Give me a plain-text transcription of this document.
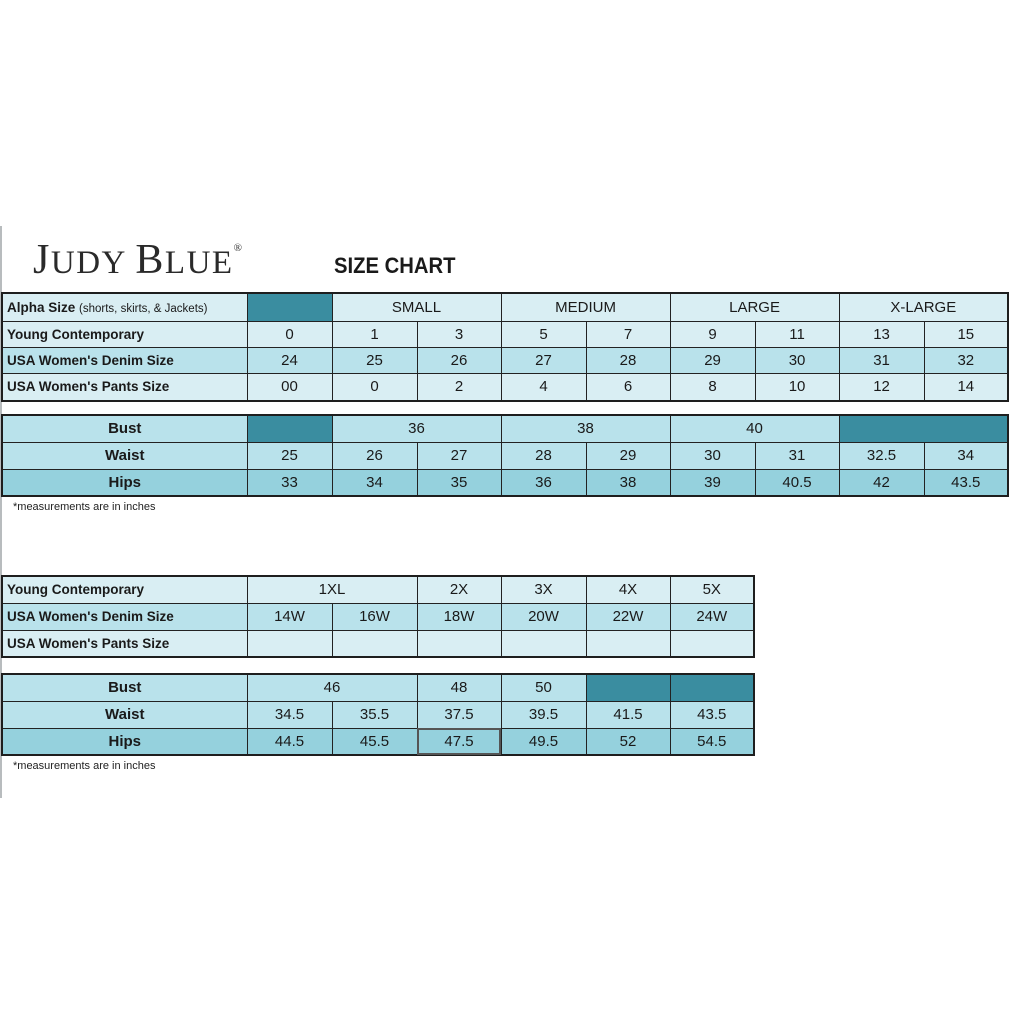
JUDY BLUE®
SIZE CHART
Alpha Size (shorts, skirts, & Jackets)		SMALL		MEDIUM		LARGE		X-LARGE	
Young Contemporary	0	1	3	5	7	9	11	13	15
USA Women's Denim Size	24	25	26	27	28	29	30	31	32
USA Women's Pants Size	00	0	2	4	6	8	10	12	14
Bust		36		38		40			
Waist	25	26	27	28	29	30	31	32.5	34
Hips	33	34	35	36	38	39	40.5	42	43.5
*measurements are in inches
Young Contemporary	1XL		2X	3X	4X	5X
USA Women's Denim Size	14W	16W	18W	20W	22W	24W
USA Women's Pants Size						
Bust	46		48	50		
Waist	34.5	35.5	37.5	39.5	41.5	43.5
Hips	44.5	45.5	47.5	49.5	52	54.5
*measurements are in inches
